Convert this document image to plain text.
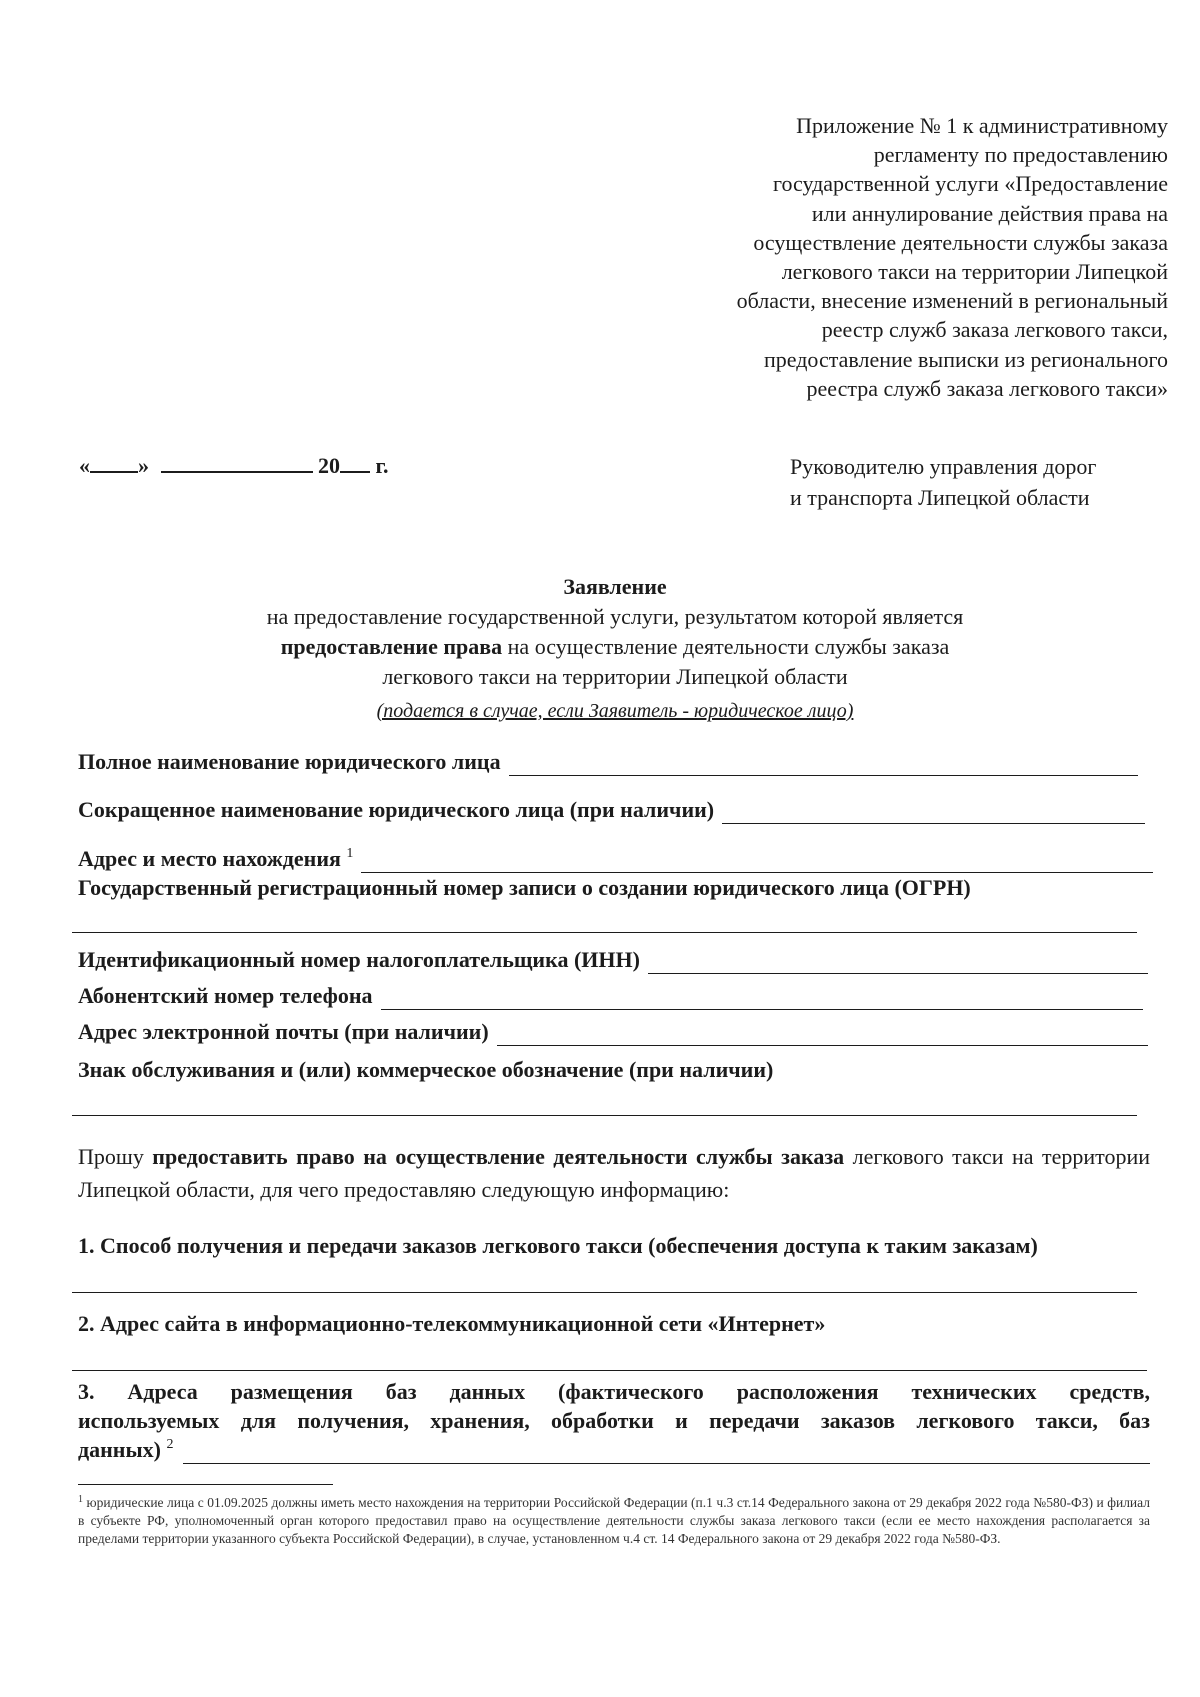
Приложение № 1 к административному
регламенту по предоставлению
государственной услуги «Предоставление
или аннулирование действия права на
осуществление деятельности службы заказа
легкового такси на территории Липецкой
области, внесение изменений в региональный
реестр служб заказа легкового такси,
предоставление выписки из регионального
реестра служб заказа легкового такси»
« »	20 г.	Руководителю управления дорог
и транспорта Липецкой области
Заявление
на предоставление государственной услуги, результатом которой является
предоставление права на осуществление деятельности службы заказа
легкового такси на территории Липецкой области
(подается в случае, если Заявитель - юридическое лицо)
Полное наименование юридического лица
Сокращенное наименование юридического лица (при наличии)
Адрес и место нахождения $^1$
Государственный регистрационный номер записи о создании юридического лица (ОГРН)
Идентификационный номер налогоплательщика (ИНН)
Абонентский номер телефона
Адрес электронной почты (при наличии)
Знак обслуживания и (или) коммерческое обозначение (при наличии)
Прошу предоставить право на осуществление деятельности службы заказа легкового такси на территории Липецкой области, для чего предоставляю следующую информацию:
1. Способ получения и передачи заказов легкового такси (обеспечения доступа к таким заказам)
2. Адрес сайта в информационно-телекоммуникационной сети «Интернет»
3. Адреса размещения баз данных (фактического расположения технических средств,
используемых для получения, хранения, обработки и передачи заказов легкового такси, баз
данных) $^2$
$^1$ юридические лица с 01.09.2025 должны иметь место нахождения на территории Российской Федерации (п.1 ч.3 ст.14 Федерального закона от 29 декабря 2022 года №580-ФЗ) и филиал в субъекте РФ, уполномоченный орган которого предоставил право на осуществление деятельности службы заказа легкового такси (если ее место нахождения располагается за пределами территории указанного субъекта Российской Федерации), в случае, установленном ч.4 ст. 14 Федерального закона от 29 декабря 2022 года №580-ФЗ.
